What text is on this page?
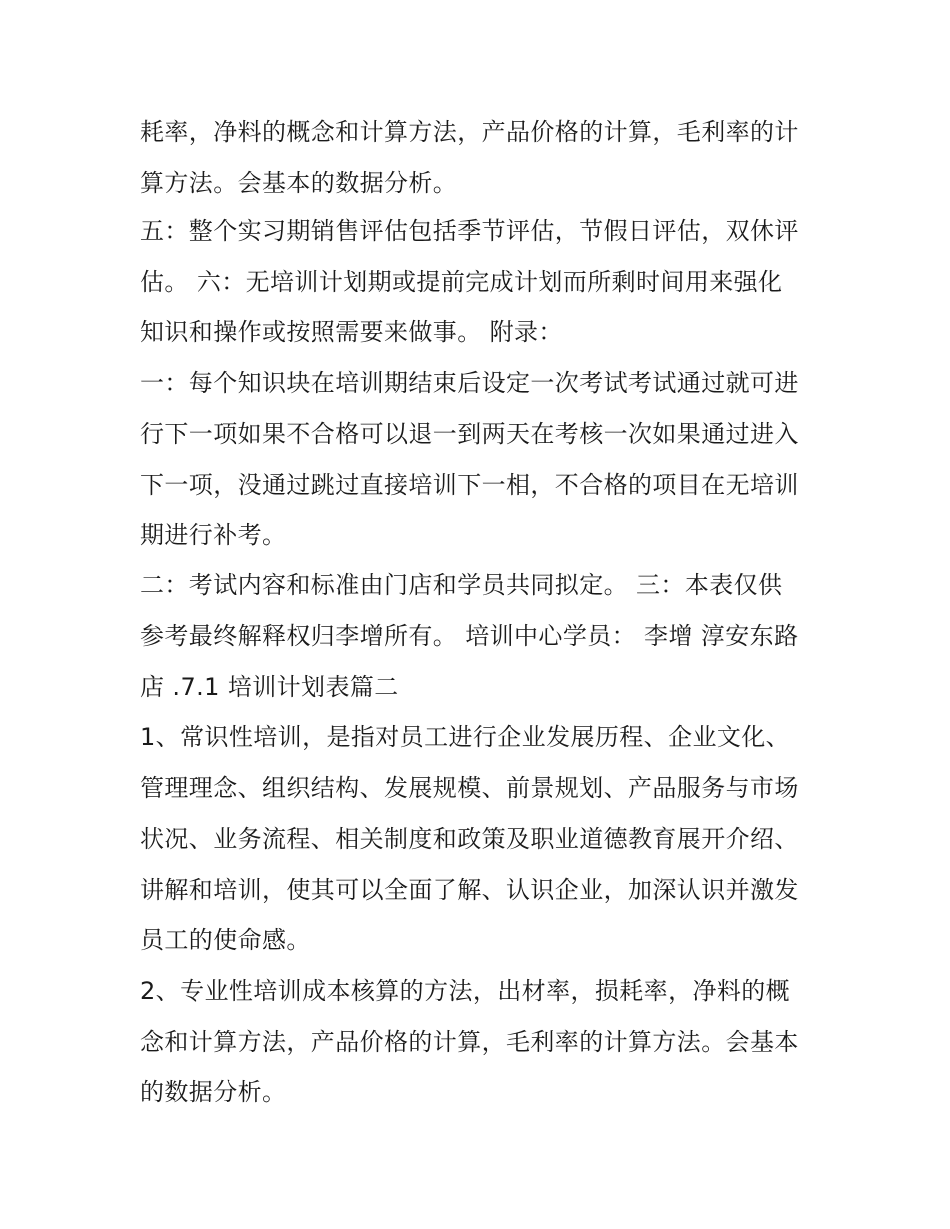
耗率，净料的概念和计算方法，产品价格的计算，毛利率的计
算方法。会基本的数据分析。
五：整个实习期销售评估包括季节评估，节假日评估，双休评
估。 六：无培训计划期或提前完成计划而所剩时间用来强化
知识和操作或按照需要来做事。 附录：
一：每个知识块在培训期结束后设定一次考试考试通过就可进
行下一项如果不合格可以退一到两天在考核一次如果通过进入
下一项，没通过跳过直接培训下一相，不合格的项目在无培训
期进行补考。
二：考试内容和标准由门店和学员共同拟定。 三：本表仅供
参考最终解释权归李增所有。 培训中心学员： 李增 淳安东路
店 .7.1 培训计划表篇二
1、常识性培训，是指对员工进行企业发展历程、企业文化、
管理理念、组织结构、发展规模、前景规划、产品服务与市场
状况、业务流程、相关制度和政策及职业道德教育展开介绍、
讲解和培训，使其可以全面了解、认识企业，加深认识并激发
员工的使命感。
2、专业性培训成本核算的方法，出材率，损耗率，净料的概
念和计算方法，产品价格的计算，毛利率的计算方法。会基本
的数据分析。
